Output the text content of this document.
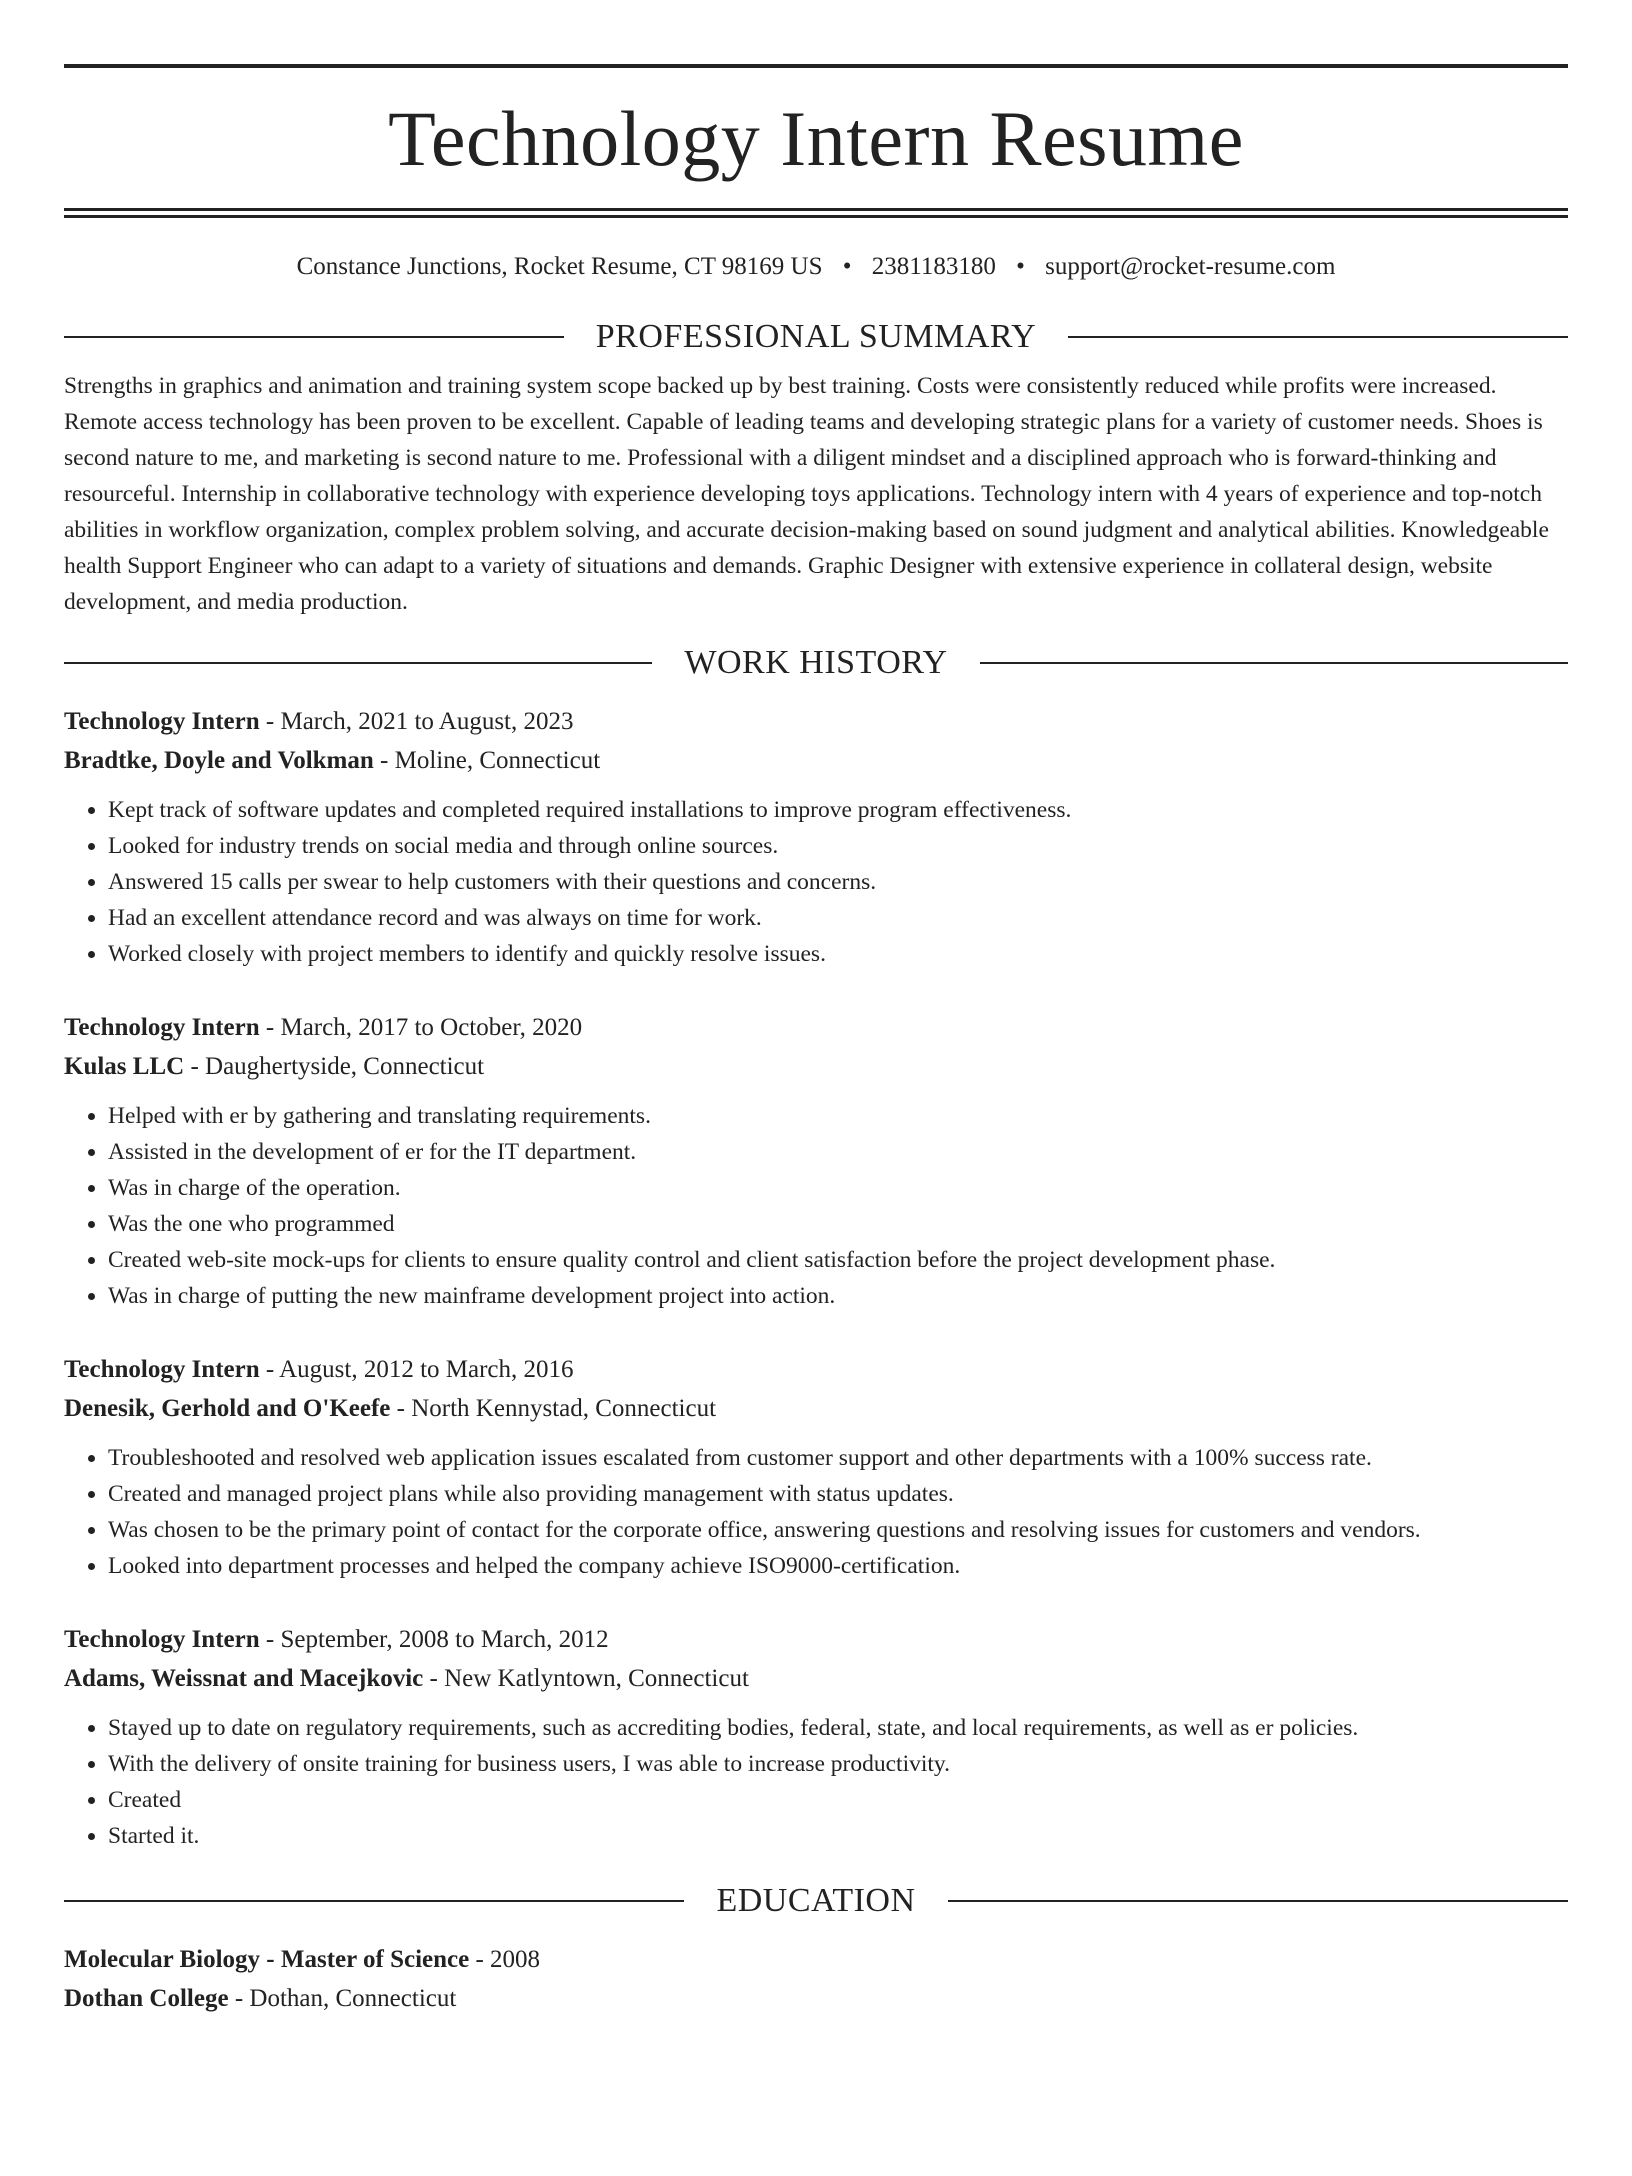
Technology Intern Resume
Constance Junctions, Rocket Resume, CT 98169 US • 2381183180 • support@rocket-resume.com
PROFESSIONAL SUMMARY

Strengths in graphics and animation and training system scope backed up by best training. Costs were consistently reduced while profits were increased. Remote access technology has been proven to be excellent. Capable of leading teams and developing strategic plans for a variety of customer needs. Shoes is second nature to me, and marketing is second nature to me. Professional with a diligent mindset and a disciplined approach who is forward-thinking and resourceful. Internship in collaborative technology with experience developing toys applications. Technology intern with 4 years of experience and top-notch abilities in workflow organization, complex problem solving, and accurate decision-making based on sound judgment and analytical abilities. Knowledgeable health Support Engineer who can adapt to a variety of situations and demands. Graphic Designer with extensive experience in collateral design, website development, and media production.

WORK HISTORY
Technology Intern - March, 2021 to August, 2023
Bradtke, Doyle and Volkman - Moline, Connecticut
• Kept track of software updates and completed required installations to improve program effectiveness.
• Looked for industry trends on social media and through online sources.
• Answered 15 calls per swear to help customers with their questions and concerns.
• Had an excellent attendance record and was always on time for work.
• Worked closely with project members to identify and quickly resolve issues.
Technology Intern - March, 2017 to October, 2020
Kulas LLC - Daughertyside, Connecticut
• Helped with er by gathering and translating requirements.
• Assisted in the development of er for the IT department.
• Was in charge of the operation.
• Was the one who programmed
• Created web-site mock-ups for clients to ensure quality control and client satisfaction before the project development phase.
• Was in charge of putting the new mainframe development project into action.
Technology Intern - August, 2012 to March, 2016
Denesik, Gerhold and O'Keefe - North Kennystad, Connecticut
• Troubleshooted and resolved web application issues escalated from customer support and other departments with a 100% success rate.
• Created and managed project plans while also providing management with status updates.
• Was chosen to be the primary point of contact for the corporate office, answering questions and resolving issues for customers and vendors.
• Looked into department processes and helped the company achieve ISO9000-certification.
Technology Intern - September, 2008 to March, 2012
Adams, Weissnat and Macejkovic - New Katlyntown, Connecticut
• Stayed up to date on regulatory requirements, such as accrediting bodies, federal, state, and local requirements, as well as er policies.
• With the delivery of onsite training for business users, I was able to increase productivity.
• Created
• Started it.
EDUCATION
Molecular Biology - Master of Science - 2008
Dothan College - Dothan, Connecticut
